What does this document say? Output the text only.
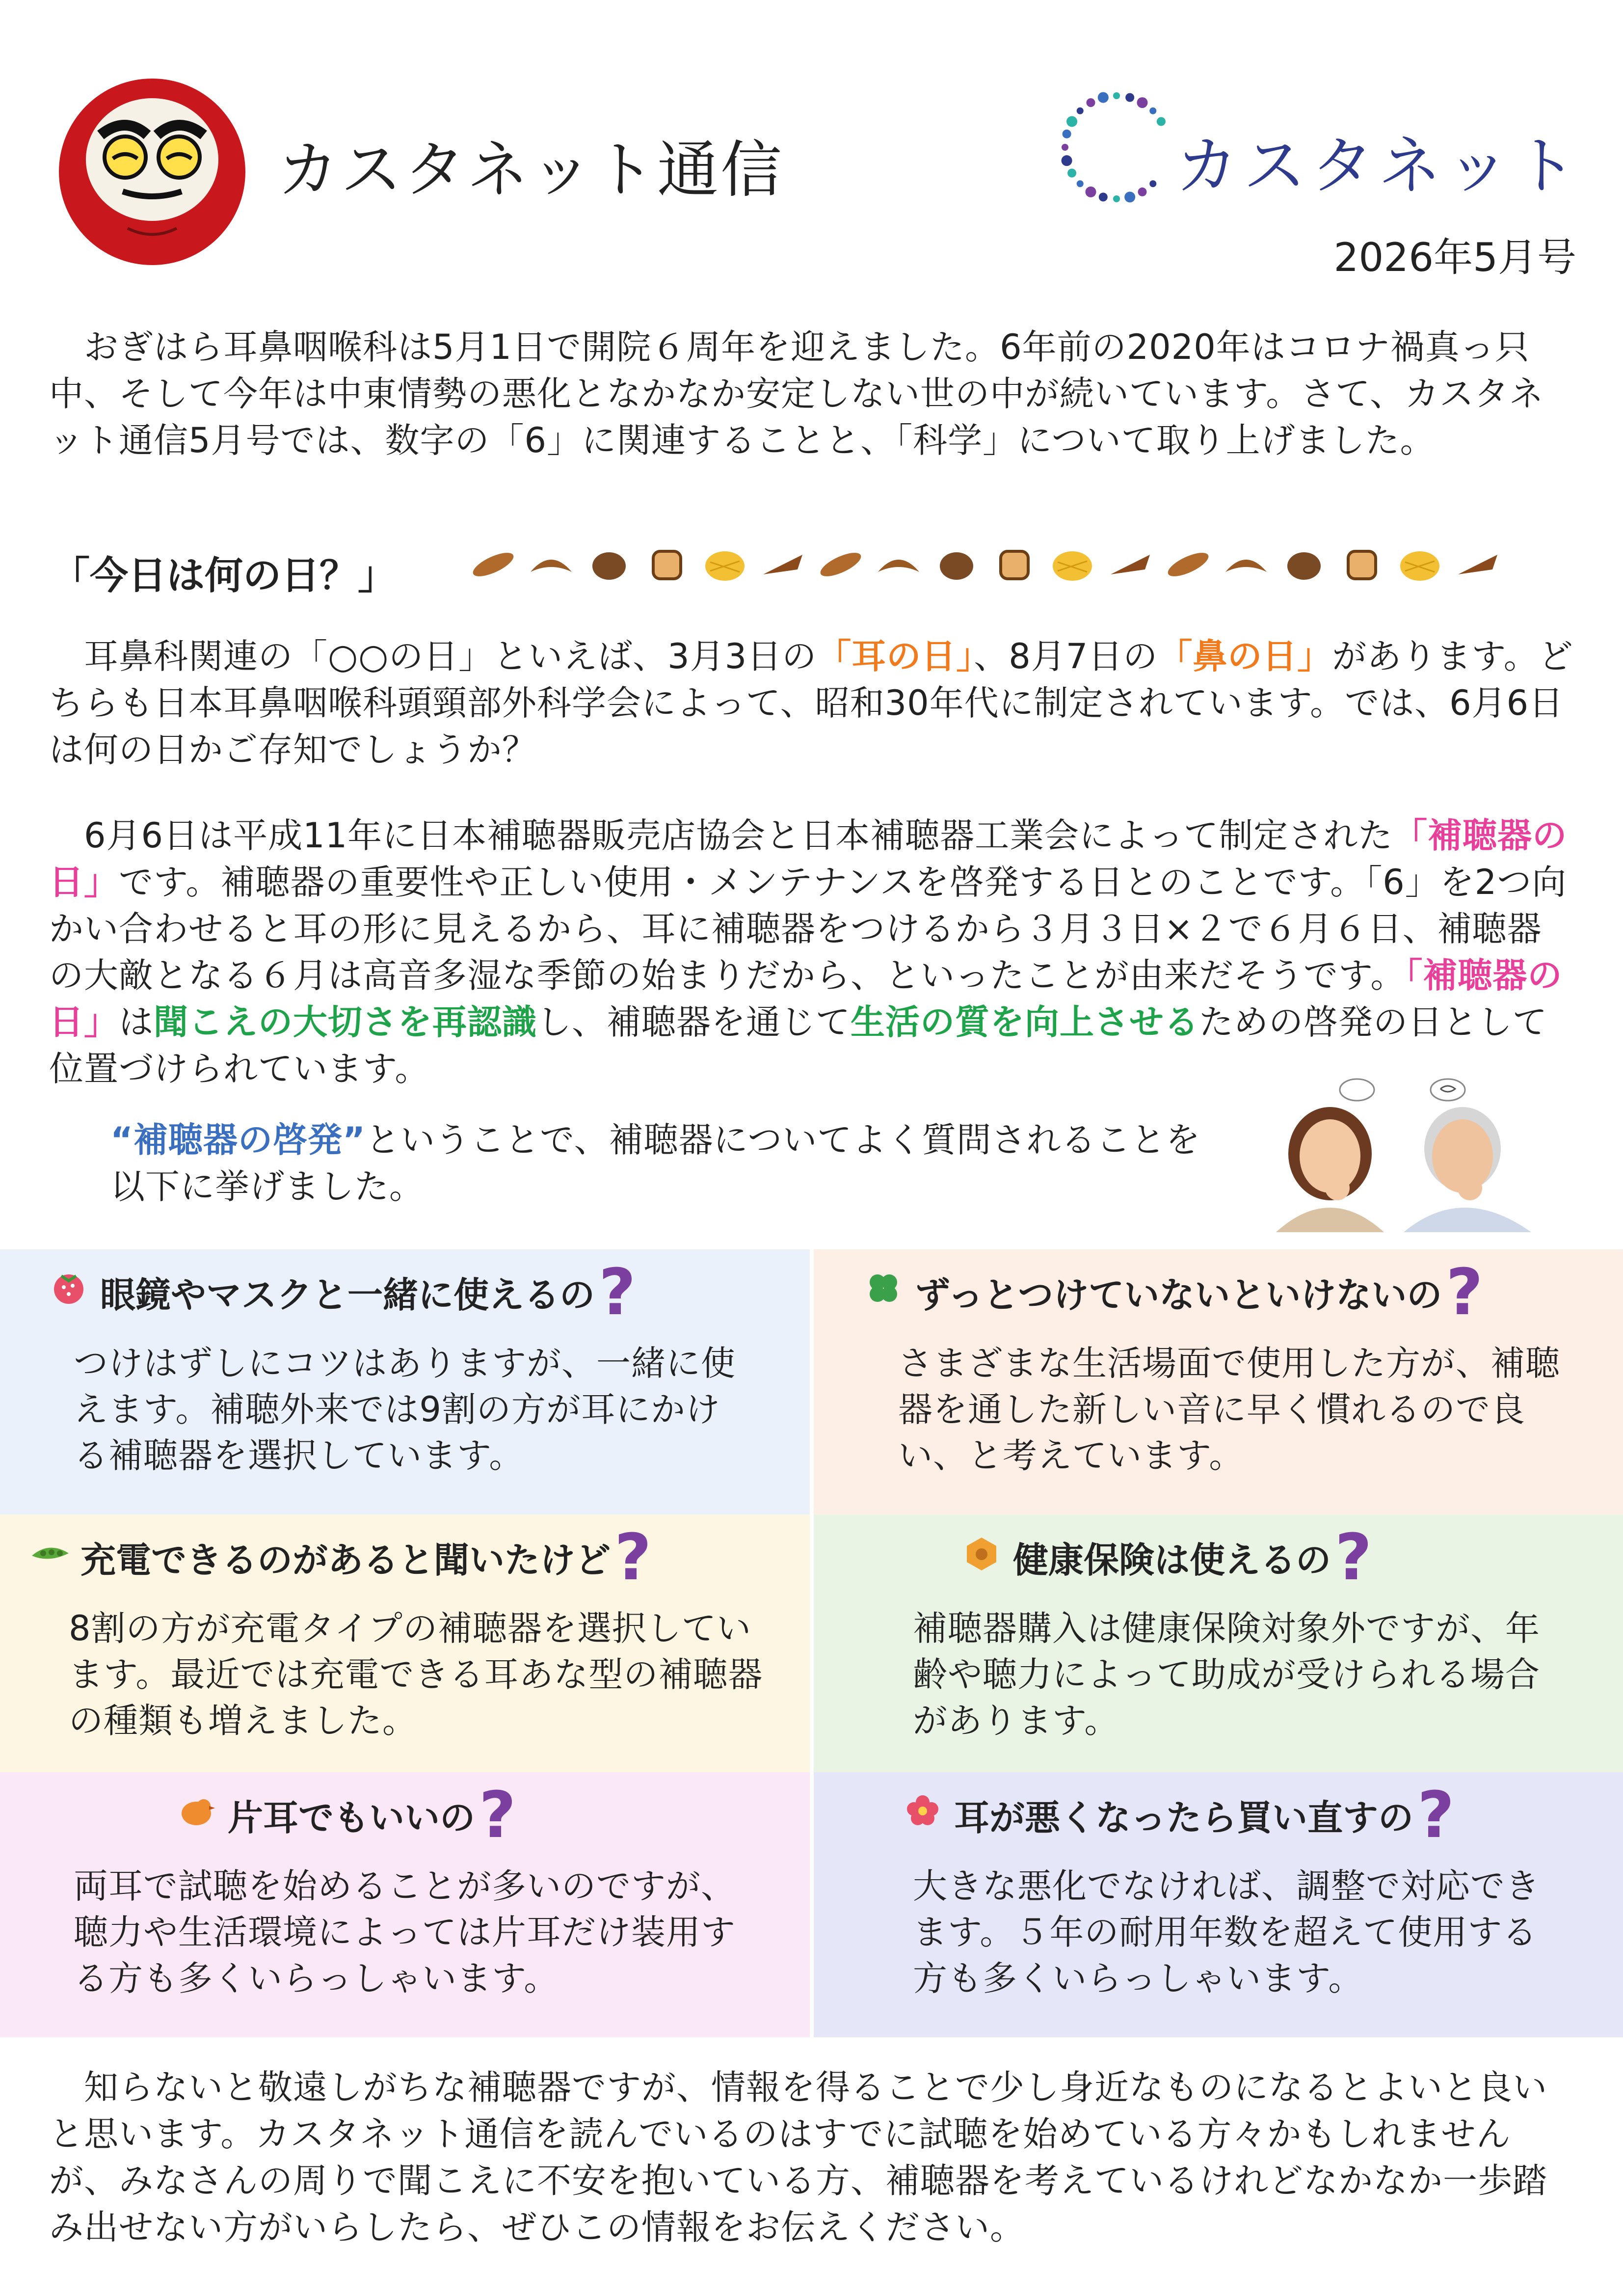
カスタネット通信	カスタネット
2026年5月号

　おぎはら耳鼻咽喉科は5月1日で開院６周年を迎えました。6年前の2020年はコロナ禍真っ只中、そして今年は中東情勢の悪化となかなか安定しない世の中が続いています。さて、カスタネット通信5月号では、数字の「6」に関連することと、「科学」について取り上げました。

「今日は何の日？」

　耳鼻科関連の「○○の日」といえば、3月3日の「耳の日」、8月7日の「鼻の日」があります。どちらも日本耳鼻咽喉科頭頸部外科学会によって、昭和30年代に制定されています。では、6月6日は何の日かご存知でしょうか？

　6月6日は平成11年に日本補聴器販売店協会と日本補聴器工業会によって制定された「補聴器の日」です。補聴器の重要性や正しい使用・メンテナンスを啓発する日とのことです。「6」を2つ向かい合わせると耳の形に見えるから、耳に補聴器をつけるから３月３日×２で６月６日、補聴器の大敵となる６月は高音多湿な季節の始まりだから、といったことが由来だそうです。「補聴器の日」は聞こえの大切さを再認識し、補聴器を通じて生活の質を向上させるための啓発の日として位置づけられています。

“補聴器の啓発”ということで、補聴器についてよく質問されることを以下に挙げました。

眼鏡やマスクと一緒に使えるの ?
つけはずしにコツはありますが、一緒に使えます。補聴外来では9割の方が耳にかける補聴器を選択しています。
ずっとつけていないといけないの ?
さまざまな生活場面で使用した方が、補聴器を通した新しい音に早く慣れるので良い、と考えています。
充電できるのがあると聞いたけど ?
8割の方が充電タイプの補聴器を選択しています。最近では充電できる耳あな型の補聴器の種類も増えました。
健康保険は使えるの ?
補聴器購入は健康保険対象外ですが、年齢や聴力によって助成が受けられる場合があります。
片耳でもいいの ?
両耳で試聴を始めることが多いのですが、聴力や生活環境によっては片耳だけ装用する方も多くいらっしゃいます。
耳が悪くなったら買い直すの ?
大きな悪化でなければ、調整で対応できます。５年の耐用年数を超えて使用する方も多くいらっしゃいます。

　知らないと敬遠しがちな補聴器ですが、情報を得ることで少し身近なものになるとよいと良いと思います。カスタネット通信を読んでいるのはすでに試聴を始めている方々かもしれませんが、みなさんの周りで聞こえに不安を抱いている方、補聴器を考えているけれどなかなか一歩踏み出せない方がいらしたら、ぜひこの情報をお伝えください。
